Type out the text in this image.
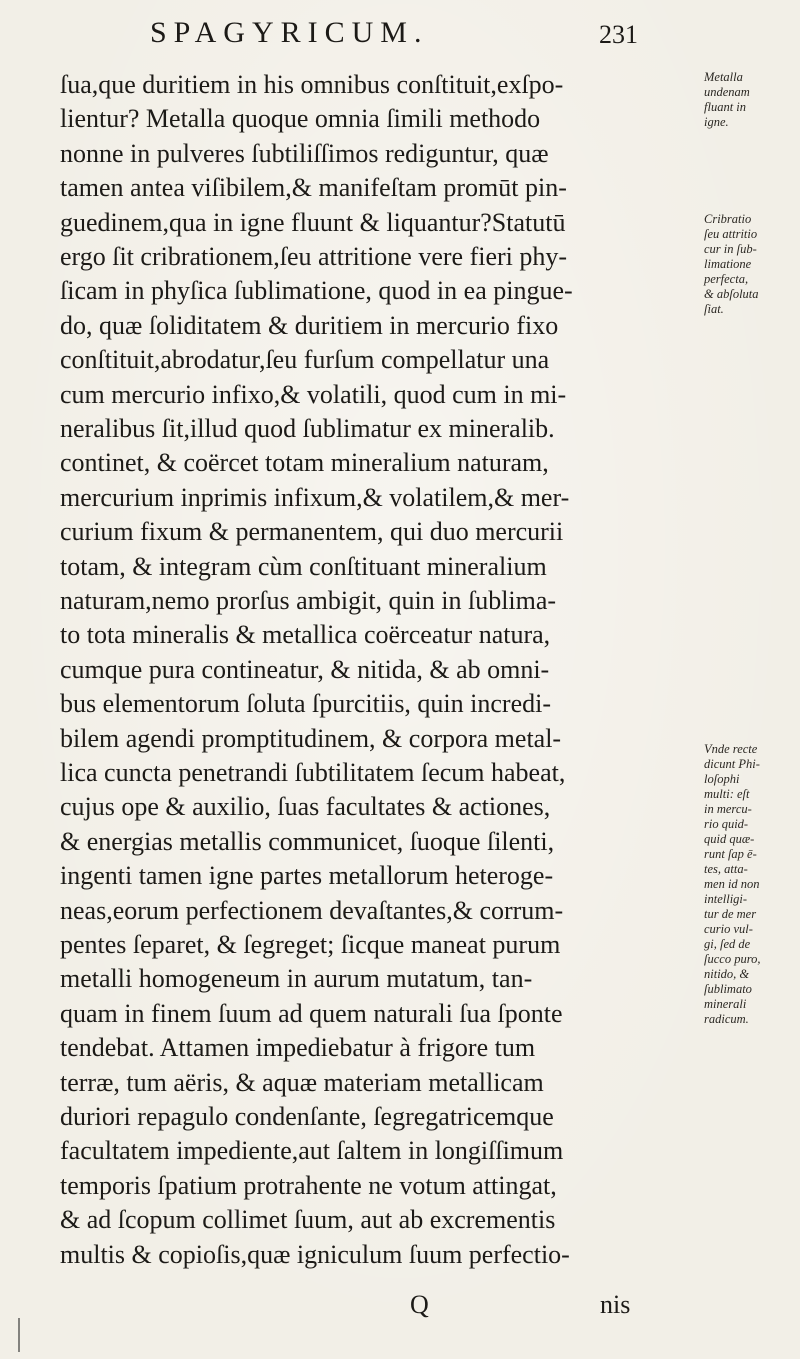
SPAGYRICUM.	231
ſua,que duritiem in his omnibus conſtituit,exſpo-
lientur? Metalla quoque omnia ſimili methodo
nonne in pulveres ſubtiliſſimos rediguntur, quæ
tamen antea viſibilem,& manifeſtam promūt pin-
guedinem,qua in igne fluunt & liquantur?Statutū
ergo ſit cribrationem,ſeu attritione vere fieri phy-
ſicam in phyſica ſublimatione, quod in ea pingue-
do, quæ ſoliditatem & duritiem in mercurio fixo
conſtituit,abrodatur,ſeu furſum compellatur una
cum mercurio infixo,& volatili, quod cum in mi-
neralibus ſit,illud quod ſublimatur ex mineralib.
continet, & coërcet totam mineralium naturam,
mercurium inprimis infixum,& volatilem,& mer-
curium fixum & permanentem, qui duo mercurii
totam, & integram cùm conſtituant mineralium
naturam,nemo prorſus ambigit, quin in ſublima-
to tota mineralis & metallica coërceatur natura,
cumque pura contineatur, & nitida, & ab omni-
bus elementorum ſoluta ſpurcitiis, quin incredi-
bilem agendi promptitudinem, & corpora metal-
lica cuncta penetrandi ſubtilitatem ſecum habeat,
cujus ope & auxilio, ſuas facultates & actiones,
& energias metallis communicet, ſuoque ſilenti,
ingenti tamen igne partes metallorum heteroge-
neas,eorum perfectionem devaſtantes,& corrum-
pentes ſeparet, & ſegreget; ſicque maneat purum
metalli homogeneum in aurum mutatum, tan-
quam in finem ſuum ad quem naturali ſua ſponte
tendebat. Attamen impediebatur à frigore tum
terræ, tum aëris, & aquæ materiam metallicam
duriori repagulo condenſante, ſegregatricemque
facultatem impediente,aut ſaltem in longiſſimum
temporis ſpatium protrahente ne votum attingat,
& ad ſcopum collimet ſuum, aut ab excrementis
multis & copioſis,quæ igniculum ſuum perfectio-
Metalla
undenam
fluant in
igne.
Cribratio
ſeu attritio
cur in ſub-
limatione
perfecta,
& abſoluta
ſiat.
Vnde recte
dicunt Phi-
loſophi
multi: eſt
in mercu-
rio quid-
quid quæ-
runt ſap ē-
tes, atta-
men id non
intelligi-
tur de mer
curio vul-
gi, ſed de
ſucco puro,
nitido, &
ſublimato
minerali
radicum.
Q	nis
